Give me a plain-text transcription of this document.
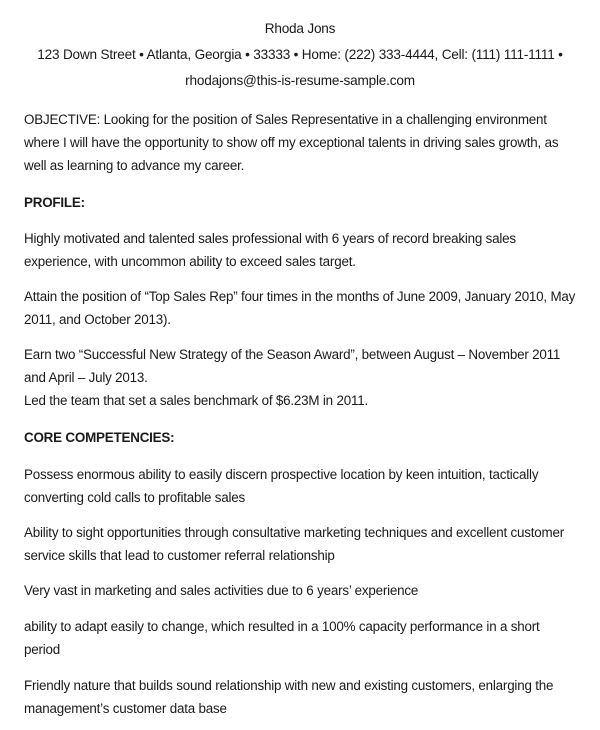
Rhoda Jons
123 Down Street • Atlanta, Georgia • 33333 • Home: (222) 333-4444, Cell: (111) 111-1111 •
rhodajons@this-is-resume-sample.com

OBJECTIVE: Looking for the position of Sales Representative in a challenging environment where I will have the opportunity to show off my exceptional talents in driving sales growth, as well as learning to advance my career.

PROFILE:

Highly motivated and talented sales professional with 6 years of record breaking sales experience, with uncommon ability to exceed sales target.

Attain the position of “Top Sales Rep” four times in the months of June 2009, January 2010, May 2011, and October 2013).

Earn two “Successful New Strategy of the Season Award”, between August – November 2011 and April – July 2013.

Led the team that set a sales benchmark of $6.23M in 2011.

CORE COMPETENCIES:

Possess enormous ability to easily discern prospective location by keen intuition, tactically converting cold calls to profitable sales

Ability to sight opportunities through consultative marketing techniques and excellent customer service skills that lead to customer referral relationship

Very vast in marketing and sales activities due to 6 years’ experience

ability to adapt easily to change, which resulted in a 100% capacity performance in a short period

Friendly nature that builds sound relationship with new and existing customers, enlarging the management’s customer data base
